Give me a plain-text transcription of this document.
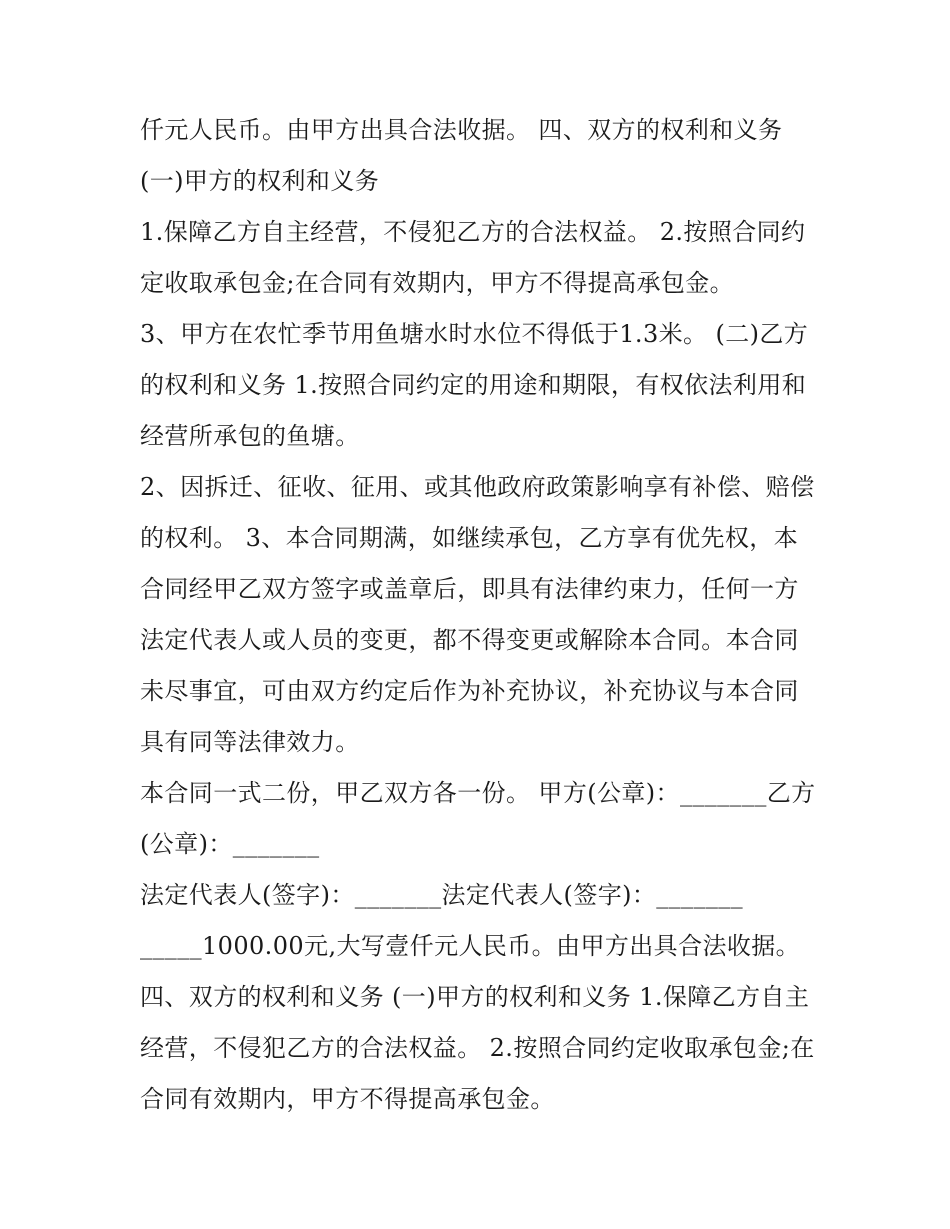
仟元人民币。由甲方出具合法收据。 四、双方的权利和义务

(一)甲方的权利和义务

1.保障乙方自主经营，不侵犯乙方的合法权益。 2.按照合同约定收取承包金;在合同有效期内，甲方不得提高承包金。

3、甲方在农忙季节用鱼塘水时水位不得低于1.3米。 (二)乙方的权利和义务 1.按照合同约定的用途和期限，有权依法利用和经营所承包的鱼塘。

2、因拆迁、征收、征用、或其他政府政策影响享有补偿、赔偿的权利。 3、本合同期满，如继续承包，乙方享有优先权，本合同经甲乙双方签字或盖章后，即具有法律约束力，任何一方法定代表人或人员的变更，都不得变更或解除本合同。本合同未尽事宜，可由双方约定后作为补充协议，补充协议与本合同具有同等法律效力。

本合同一式二份，甲乙双方各一份。 甲方(公章)：_______乙方(公章)：_______

法定代表人(签字)：_______法定代表人(签字)：_______

_____1000.00元,大写壹仟元人民币。由甲方出具合法收据。

四、双方的权利和义务 (一)甲方的权利和义务 1.保障乙方自主经营，不侵犯乙方的合法权益。 2.按照合同约定收取承包金;在合同有效期内，甲方不得提高承包金。
